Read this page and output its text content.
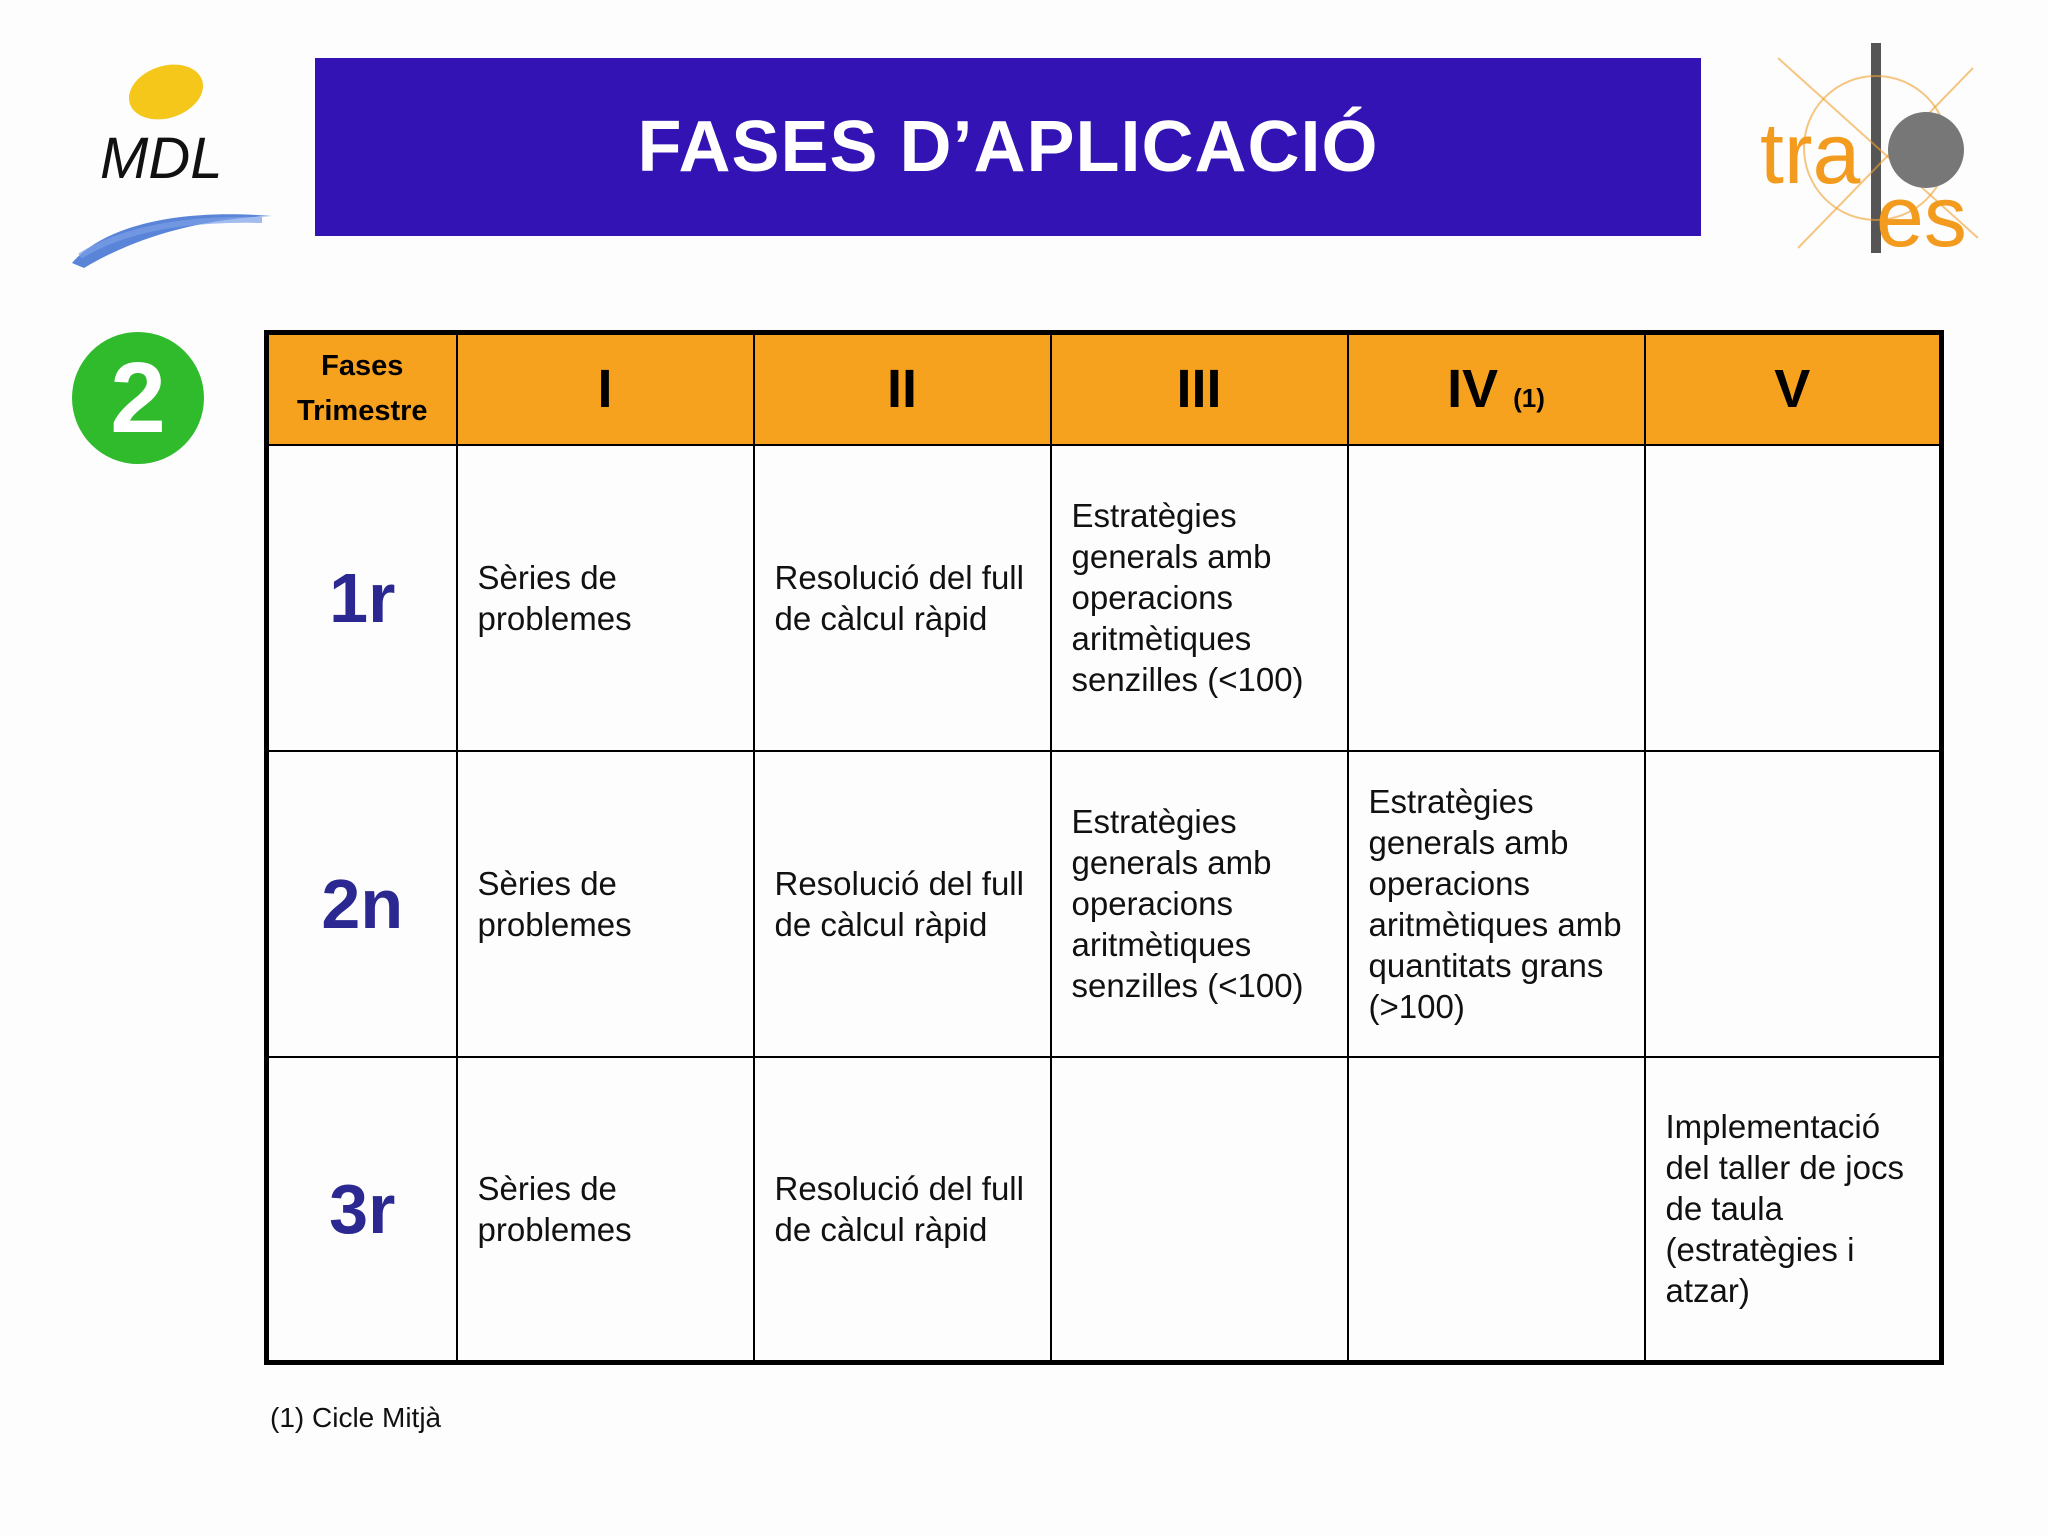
MDL	FASES D’APLICACIÓ	tra
es
2	Fases
Trimestre	I	II	III	IV (1)	V
1r	Sèries de problemes	Resolució del full de càlcul ràpid	Estratègies generals amb operacions aritmètiques senzilles (<100)		
2n	Sèries de problemes	Resolució del full de càlcul ràpid	Estratègies generals amb operacions aritmètiques senzilles (<100)	Estratègies generals amb operacions aritmètiques amb quantitats grans (>100)	
3r	Sèries de problemes	Resolució del full de càlcul ràpid			Implementació del taller de jocs de taula (estratègies i atzar)
(1) Cicle Mitjà
